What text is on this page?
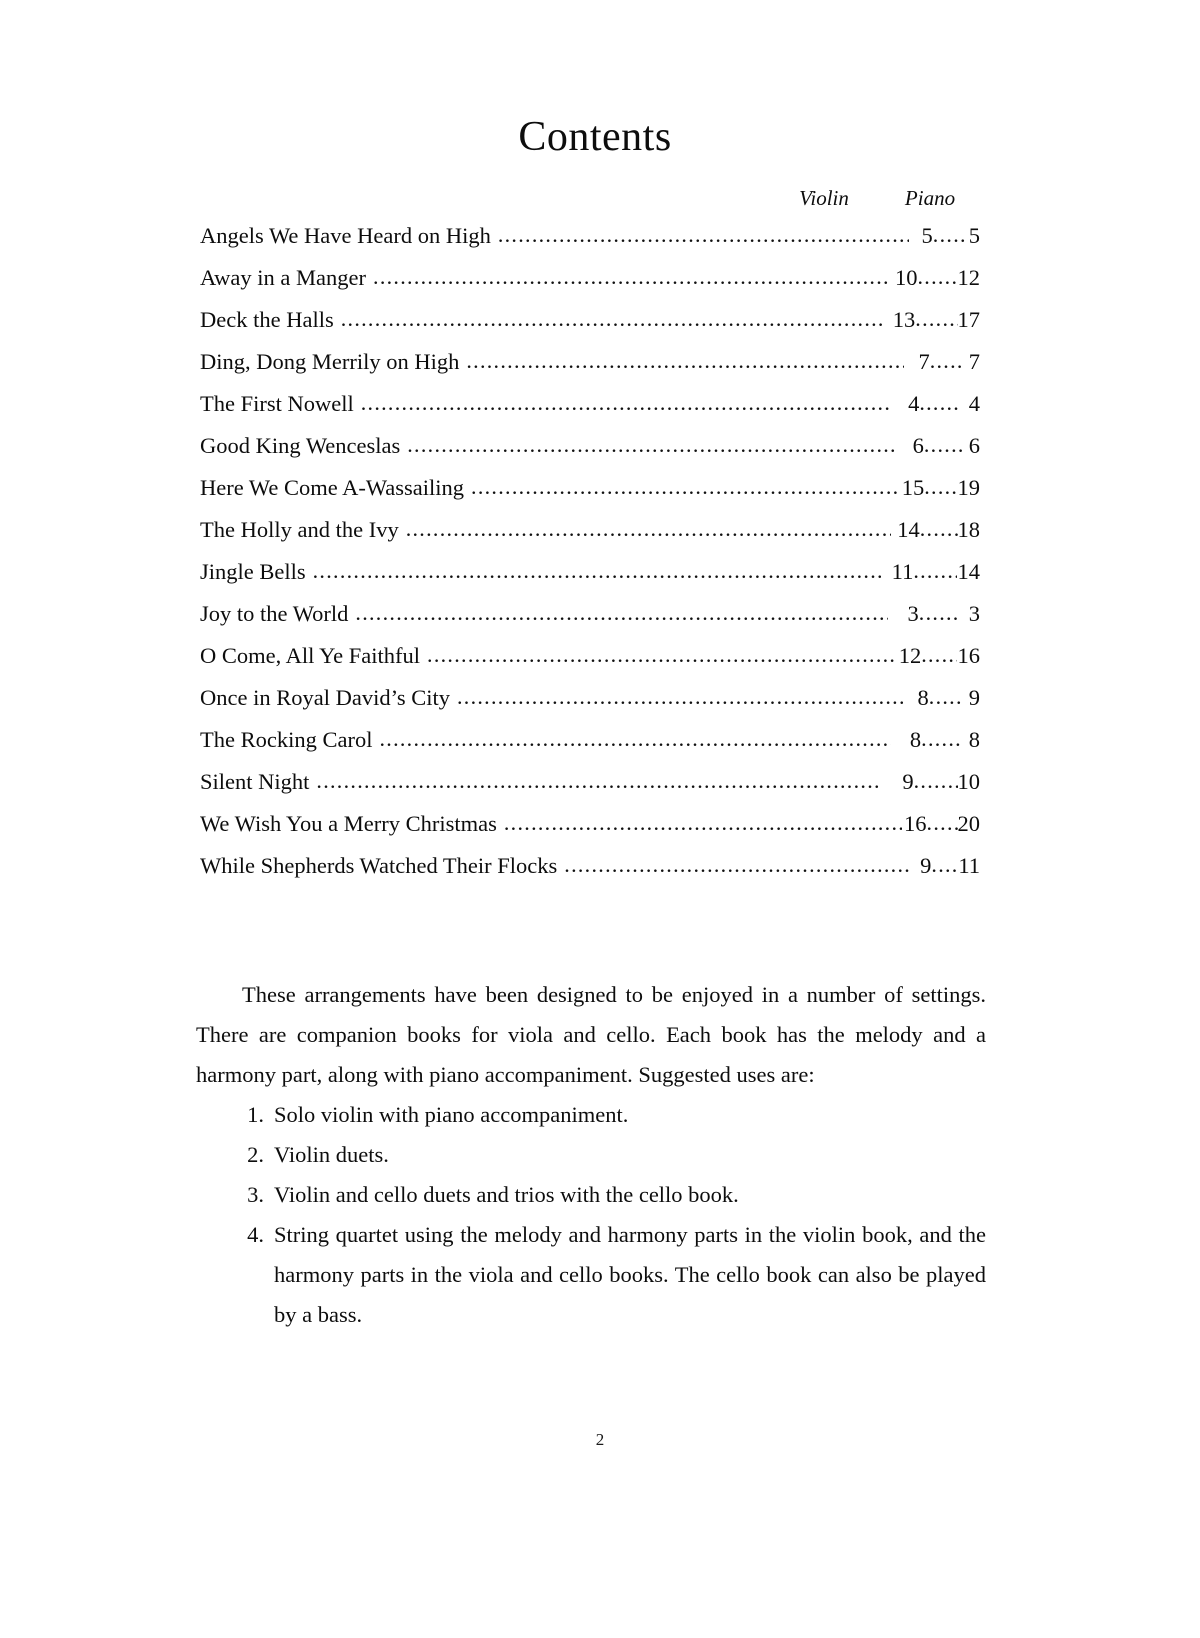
Contents
Violin	Piano
Angels We Have Heard on High .....	5 ..... 5
Away in a Manger .....	10 ..... 12
Deck the Halls .....	13 ..... 17
Ding, Dong Merrily on High .....	7 ..... 7
The First Nowell .....	4 .....	4
Good King Wenceslas .....	6 .....	6
Here We Come A-Wassailing .....	15 ..... 19
The Holly and the Ivy .....	14 ..... 18
Jingle Bells .....	11 ..... 14
Joy to the World .....	3 .....	3
O Come, All Ye Faithful .....	12 ..... 16
Once in Royal David’s City .....	8 ..... 9
The Rocking Carol .....	8 .....	8
Silent Night .....	9 ..... 10
We Wish You a Merry Christmas .....	16 ..... 20
While Shepherds Watched Their Flocks .....	9 ..... 11

These arrangements have been designed to be enjoyed in a number of settings. There are companion books for viola and cello. Each book has the melody and a harmony part, along with piano accompaniment. Suggested uses are:

1. Solo violin with piano accompaniment.
2. Violin duets.
3. Violin and cello duets and trios with the cello book.
4. String quartet using the melody and harmony parts in the violin book, and the harmony parts in the viola and cello books. The cello book can also be played by a bass.
2
